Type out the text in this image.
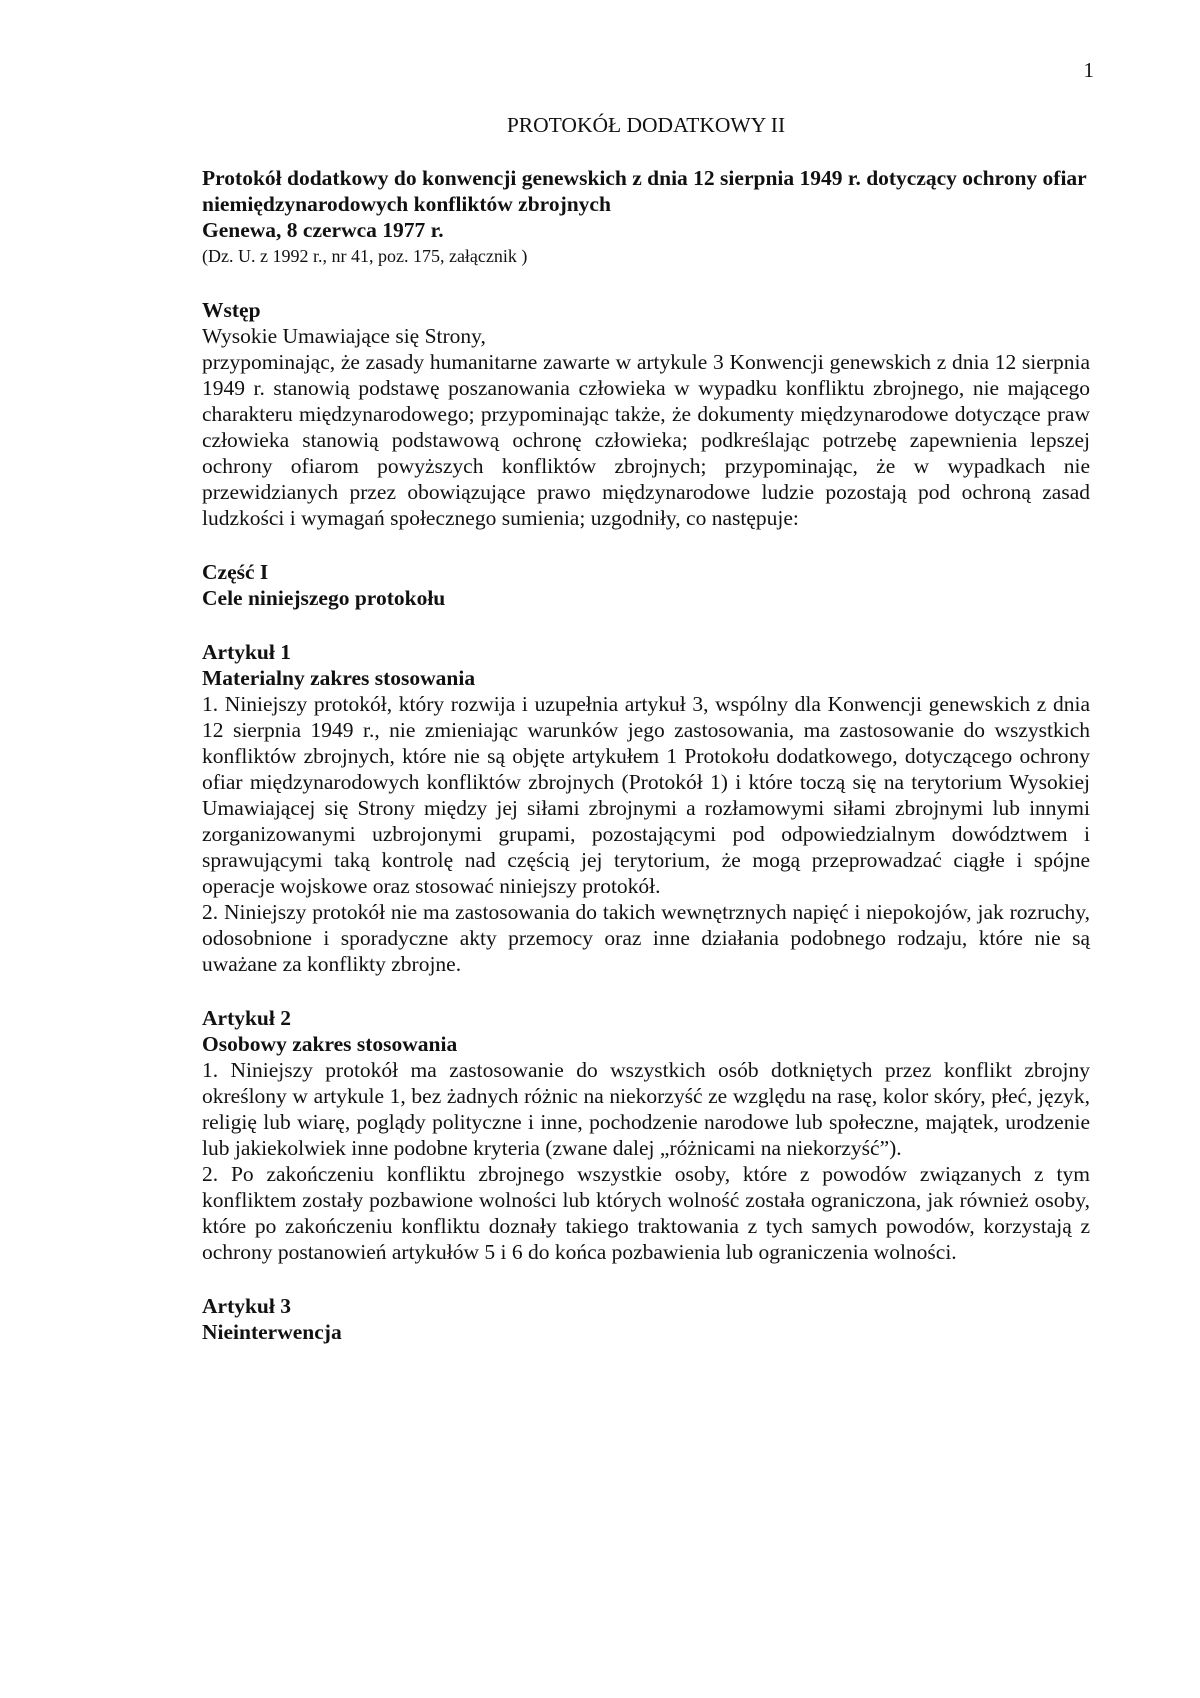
1
PROTOKÓŁ DODATKOWY II

Protokół dodatkowy do konwencji genewskich z dnia 12 sierpnia 1949 r. dotyczący ochrony ofiar niemiędzynarodowych konfliktów zbrojnych

Genewa, 8 czerwca 1977 r.

(Dz. U. z 1992 r., nr 41, poz. 175, załącznik )

Wstęp

Wysokie Umawiające się Strony,

przypominając, że zasady humanitarne zawarte w artykule 3 Konwencji genewskich z dnia 12 sierpnia 1949 r. stanowią podstawę poszanowania człowieka w wypadku konfliktu zbrojnego, nie mającego charakteru międzynarodowego; przypominając także, że dokumenty międzynarodowe dotyczące praw człowieka stanowią podstawową ochronę człowieka; podkreślając potrzebę zapewnienia lepszej ochrony ofiarom powyższych konfliktów zbrojnych; przypominając, że w wypadkach nie przewidzianych przez obowiązujące prawo międzynarodowe ludzie pozostają pod ochroną zasad ludzkości i wymagań społecznego sumienia; uzgodniły, co następuje:

Część I

Cele niniejszego protokołu

Artykuł 1

Materialny zakres stosowania

1. Niniejszy protokół, który rozwija i uzupełnia artykuł 3, wspólny dla Konwencji genewskich z dnia 12 sierpnia 1949 r., nie zmieniając warunków jego zastosowania, ma zastosowanie do wszystkich konfliktów zbrojnych, które nie są objęte artykułem 1 Protokołu dodatkowego, dotyczącego ochrony ofiar międzynarodowych konfliktów zbrojnych (Protokół 1) i które toczą się na terytorium Wysokiej Umawiającej się Strony między jej siłami zbrojnymi a rozłamowymi siłami zbrojnymi lub innymi zorganizowanymi uzbrojonymi grupami, pozostającymi pod odpowiedzialnym dowództwem i sprawującymi taką kontrolę nad częścią jej terytorium, że mogą przeprowadzać ciągłe i spójne operacje wojskowe oraz stosować niniejszy protokół.

2. Niniejszy protokół nie ma zastosowania do takich wewnętrznych napięć i niepokojów, jak rozruchy, odosobnione i sporadyczne akty przemocy oraz inne działania podobnego rodzaju, które nie są uważane za konflikty zbrojne.

Artykuł 2

Osobowy zakres stosowania

1. Niniejszy protokół ma zastosowanie do wszystkich osób dotkniętych przez konflikt zbrojny określony w artykule 1, bez żadnych różnic na niekorzyść ze względu na rasę, kolor skóry, płeć, język, religię lub wiarę, poglądy polityczne i inne, pochodzenie narodowe lub społeczne, majątek, urodzenie lub jakiekolwiek inne podobne kryteria (zwane dalej „różnicami na niekorzyść”).

2. Po zakończeniu konfliktu zbrojnego wszystkie osoby, które z powodów związanych z tym konfliktem zostały pozbawione wolności lub których wolność została ograniczona, jak również osoby, które po zakończeniu konfliktu doznały takiego traktowania z tych samych powodów, korzystają z ochrony postanowień artykułów 5 i 6 do końca pozbawienia lub ograniczenia wolności.

Artykuł 3

Nieinterwencja
